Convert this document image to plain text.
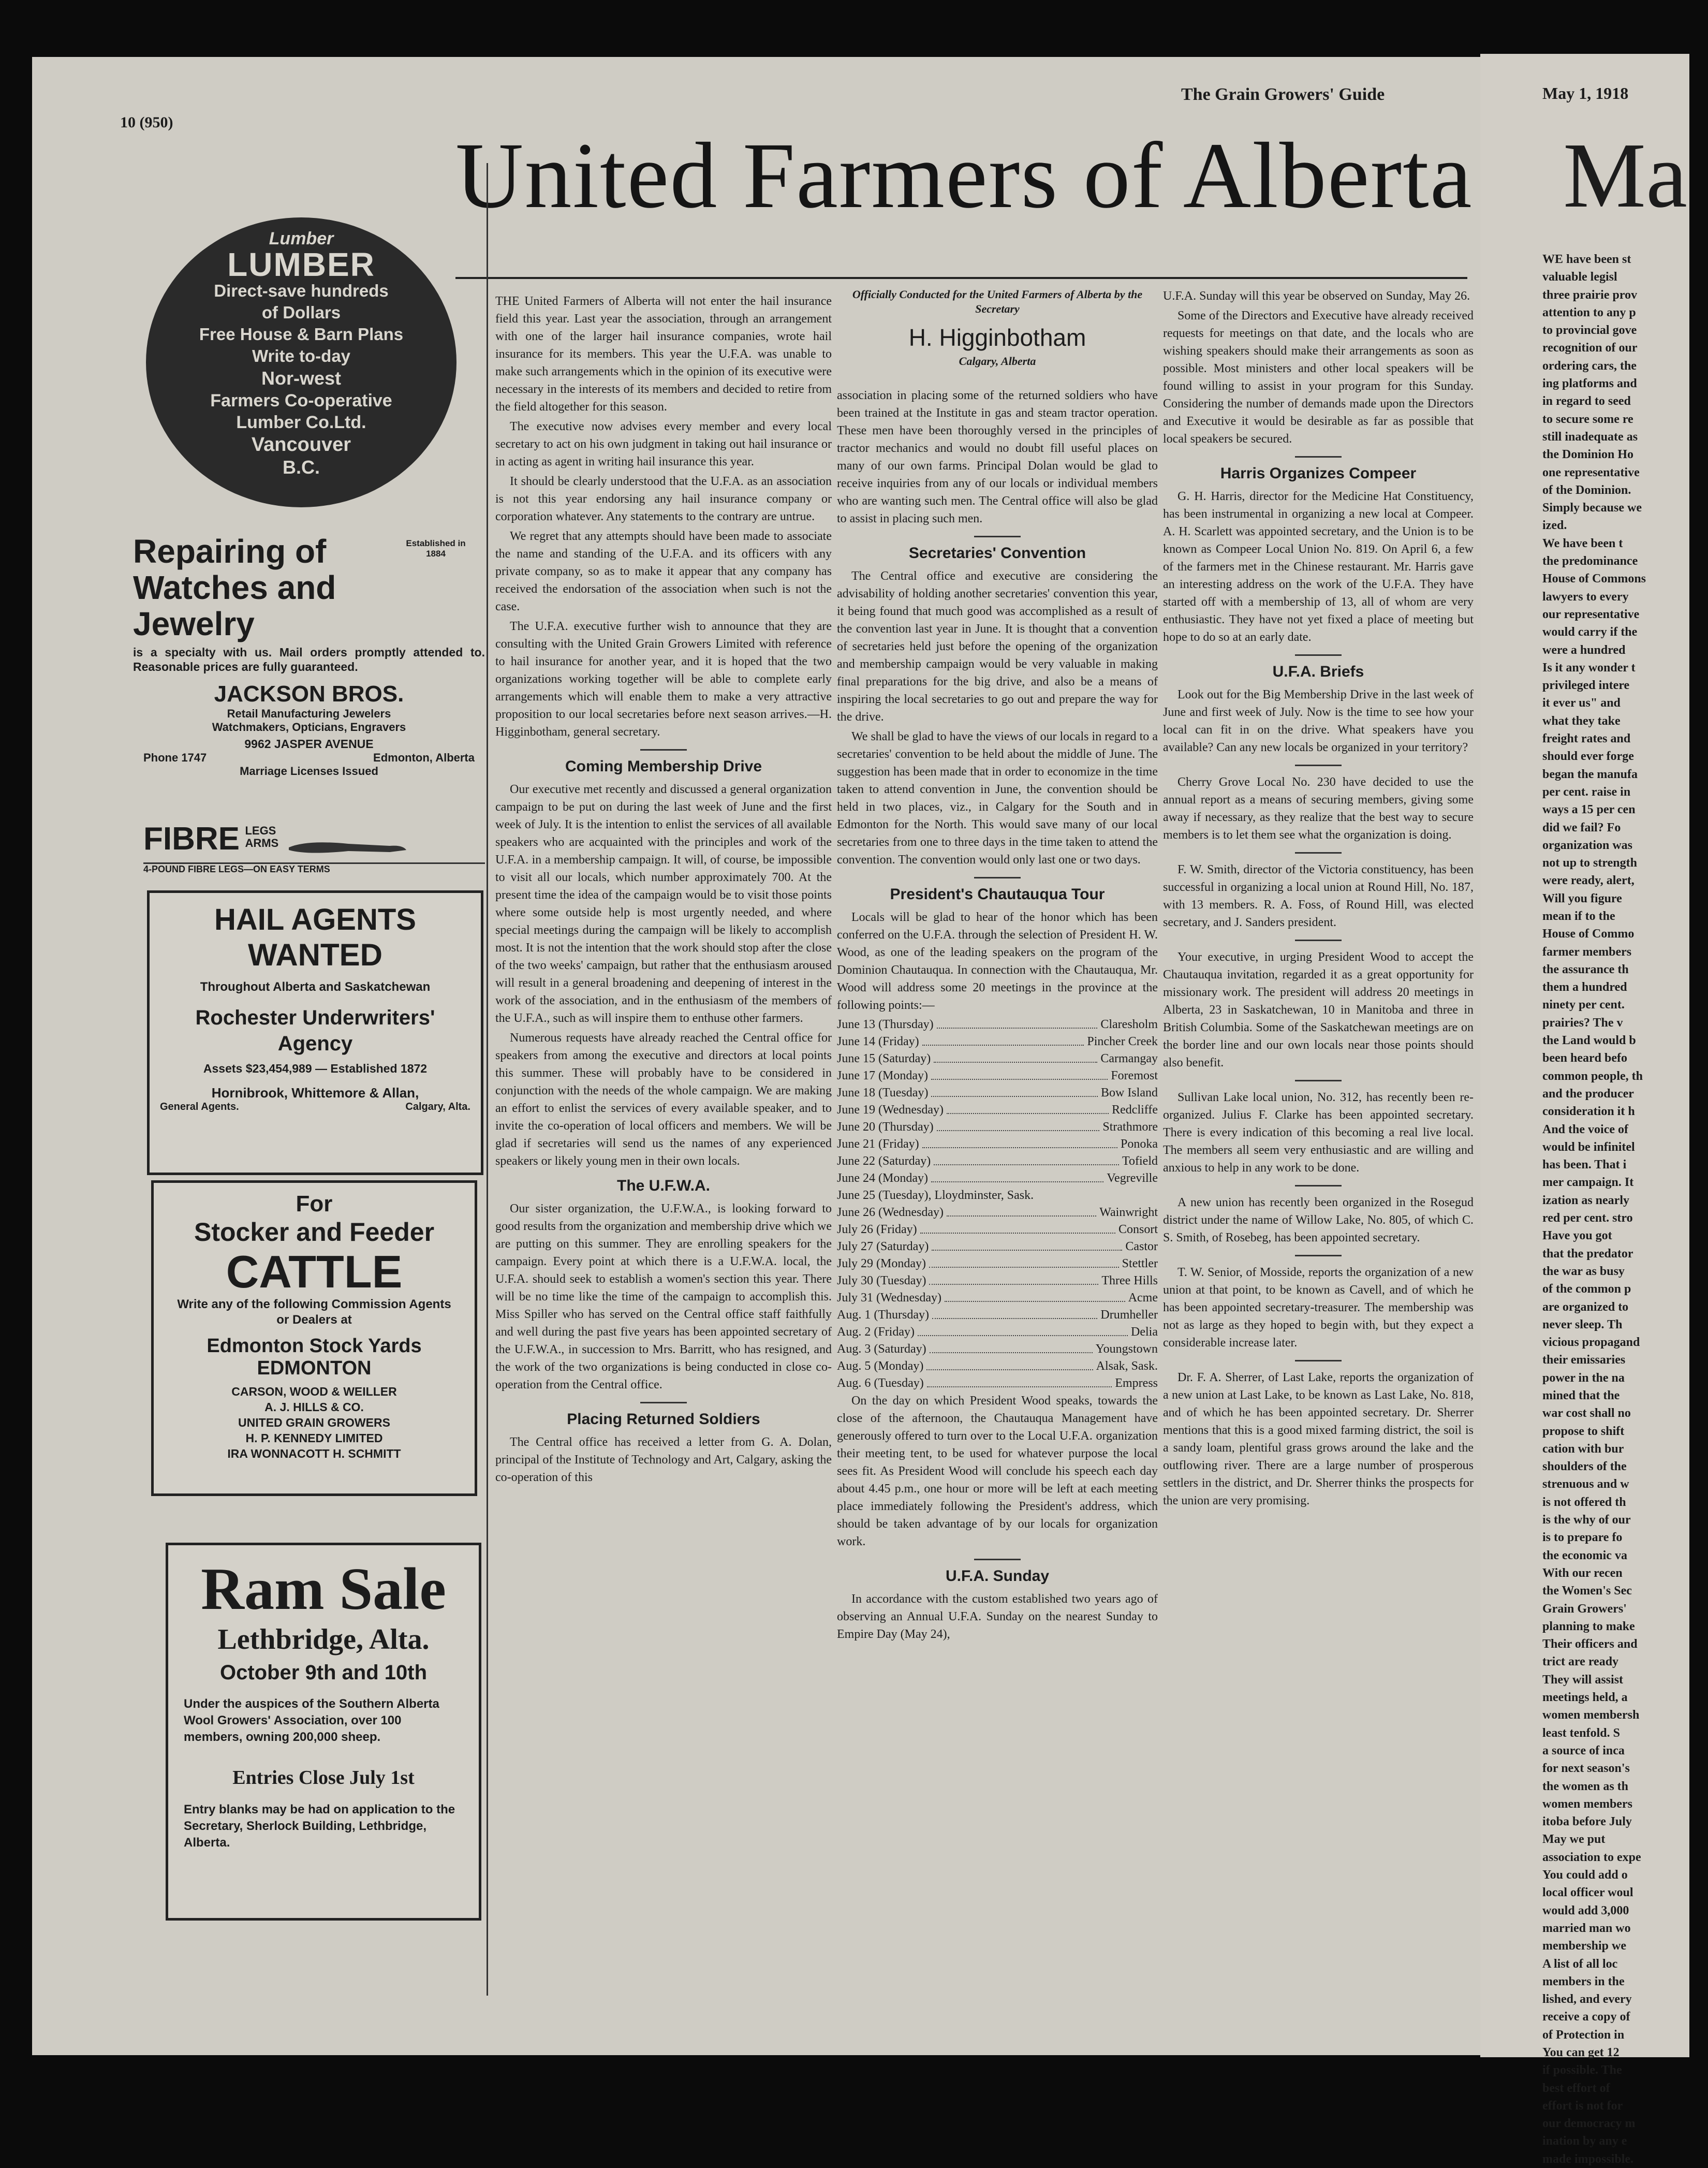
10 (950)
The Grain Growers' Guide
United Farmers of Alberta
Lumber
LUMBER
Direct-save hundreds
of Dollars
Free House & Barn Plans
Write to-day
Nor-west
Farmers Co-operative
Lumber Co.Ltd.
Vancouver
B.C.
Repairing of Watches and Jewelry
Established in 1884
is a specialty with us. Mail orders promptly attended to. Reasonable prices are fully guaranteed.
JACKSON BROS.
Retail Manufacturing Jewelers
Watchmakers, Opticians, Engravers
9962 JASPER AVENUE
Phone 1747	Edmonton, Alberta
Marriage Licenses Issued
FIBRE LEGS
ARMS
4-POUND FIBRE LEGS—ON EASY TERMS
HAIL AGENTS
WANTED
Throughout Alberta and Saskatchewan
Rochester Underwriters' Agency
Assets $23,454,989 — Established 1872
Hornibrook, Whittemore & Allan,
General Agents.	Calgary, Alta.
For
Stocker and Feeder
CATTLE
Write any of the following Commission Agents or Dealers at
Edmonton Stock Yards
EDMONTON
CARSON, WOOD & WEILLER
A. J. HILLS & CO.
UNITED GRAIN GROWERS
H. P. KENNEDY LIMITED
IRA WONNACOTT H. SCHMITT
Ram Sale
Lethbridge, Alta.
October 9th and 10th
Under the auspices of the Southern Alberta Wool Growers' Association, over 100 members, owning 200,000 sheep.
Entries Close July 1st
Entry blanks may be had on application to the Secretary, Sherlock Building, Lethbridge, Alberta.

THE United Farmers of Alberta will not enter the hail insurance field this year. Last year the association, through an arrangement with one of the larger hail insurance companies, wrote hail insurance for its members. This year the U.F.A. was unable to make such arrangements which in the opinion of its executive were necessary in the interests of its members and decided to retire from the field altogether for this season.

The executive now advises every member and every local secretary to act on his own judgment in taking out hail insurance or in acting as agent in writing hail insurance this year.

It should be clearly understood that the U.F.A. as an association is not this year endorsing any hail insurance company or corporation whatever. Any statements to the contrary are untrue.

We regret that any attempts should have been made to associate the name and standing of the U.F.A. and its officers with any private company, so as to make it appear that any company has received the endorsation of the association when such is not the case.

The U.F.A. executive further wish to announce that they are consulting with the United Grain Growers Limited with reference to hail insurance for another year, and it is hoped that the two organizations working together will be able to complete early arrangements which will enable them to make a very attractive proposition to our local secretaries before next season arrives.—H. Higginbotham, general secretary.

Coming Membership Drive

Our executive met recently and discussed a general organization campaign to be put on during the last week of June and the first week of July. It is the intention to enlist the services of all available speakers who are acquainted with the principles and work of the U.F.A. in a membership campaign. It will, of course, be impossible to visit all our locals, which number approximately 700. At the present time the idea of the campaign would be to visit those points where some outside help is most urgently needed, and where special meetings during the campaign will be likely to accomplish most. It is not the intention that the work should stop after the close of the two weeks' campaign, but rather that the enthusiasm aroused will result in a general broadening and deepening of interest in the work of the association, and in the enthusiasm of the members of the U.F.A., such as will inspire them to enthuse other farmers.

Numerous requests have already reached the Central office for speakers from among the executive and directors at local points this summer. These will probably have to be considered in conjunction with the needs of the whole campaign. We are making an effort to enlist the services of every available speaker, and to invite the co-operation of local officers and members. We will be glad if secretaries will send us the names of any experienced speakers or likely young men in their own locals.

The U.F.W.A.

Our sister organization, the U.F.W.A., is looking forward to good results from the organization and membership drive which we are putting on this summer. They are enrolling speakers for the campaign. Every point at which there is a U.F.W.A. local, the U.F.A. should seek to establish a women's section this year. There will be no time like the time of the campaign to accomplish this. Miss Spiller who has served on the Central office staff faithfully and well during the past five years has been appointed secretary of the U.F.W.A., in succession to Mrs. Barritt, who has resigned, and the work of the two organizations is being conducted in close co-operation from the Central office.

Placing Returned Soldiers

The Central office has received a letter from G. A. Dolan, principal of the Institute of Technology and Art, Calgary, asking the co-operation of this

Officially Conducted for the United Farmers of Alberta by the Secretary
H. Higginbotham
Calgary, Alberta

association in placing some of the returned soldiers who have been trained at the Institute in gas and steam tractor operation. These men have been thoroughly versed in the principles of tractor mechanics and would no doubt fill useful places on many of our own farms. Principal Dolan would be glad to receive inquiries from any of our locals or individual members who are wanting such men. The Central office will also be glad to assist in placing such men.

Secretaries' Convention

The Central office and executive are considering the advisability of holding another secretaries' convention this year, it being found that much good was accomplished as a result of the convention last year in June. It is thought that a convention of secretaries held just before the opening of the organization and membership campaign would be very valuable in making final preparations for the big drive, and also be a means of inspiring the local secretaries to go out and prepare the way for the drive.

We shall be glad to have the views of our locals in regard to a secretaries' convention to be held about the middle of June. The suggestion has been made that in order to economize in the time taken to attend convention in June, the convention should be held in two places, viz., in Calgary for the South and in Edmonton for the North. This would save many of our local secretaries from one to three days in the time taken to attend the convention. The convention would only last one or two days.

President's Chautauqua Tour

Locals will be glad to hear of the honor which has been conferred on the U.F.A. through the selection of President H. W. Wood, as one of the leading speakers on the program of the Dominion Chautauqua. In connection with the Chautauqua, Mr. Wood will address some 20 meetings in the province at the following points:—

June 13 (Thursday)	Claresholm
June 14 (Friday)	Pincher Creek
June 15 (Saturday)	Carmangay
June 17 (Monday)	Foremost
June 18 (Tuesday)	Bow Island
June 19 (Wednesday)	Redcliffe
June 20 (Thursday)	Strathmore
June 21 (Friday)	Ponoka
June 22 (Saturday)	Tofield
June 24 (Monday)	Vegreville
June 25 (Tuesday), Lloydminster, Sask.
June 26 (Wednesday)	Wainwright
July 26 (Friday)	Consort
July 27 (Saturday)	Castor
July 29 (Monday)	Stettler
July 30 (Tuesday)	Three Hills
July 31 (Wednesday)	Acme
Aug. 1 (Thursday)	Drumheller
Aug. 2 (Friday)	Delia
Aug. 3 (Saturday)	Youngstown
Aug. 5 (Monday)	Alsak, Sask.
Aug. 6 (Tuesday)	Empress

On the day on which President Wood speaks, towards the close of the afternoon, the Chautauqua Management have generously offered to turn over to the Local U.F.A. organization their meeting tent, to be used for whatever purpose the local sees fit. As President Wood will conclude his speech each day about 4.45 p.m., one hour or more will be left at each meeting place immediately following the President's address, which should be taken advantage of by our locals for organization work.

U.F.A. Sunday

In accordance with the custom established two years ago of observing an Annual U.F.A. Sunday on the nearest Sunday to Empire Day (May 24),

U.F.A. Sunday will this year be observed on Sunday, May 26.

Some of the Directors and Executive have already received requests for meetings on that date, and the locals who are wishing speakers should make their arrangements as soon as possible. Most ministers and other local speakers will be found willing to assist in your program for this Sunday. Considering the number of demands made upon the Directors and Executive it would be desirable as far as possible that local speakers be secured.

Harris Organizes Compeer

G. H. Harris, director for the Medicine Hat Constituency, has been instrumental in organizing a new local at Compeer. A. H. Scarlett was appointed secretary, and the Union is to be known as Compeer Local Union No. 819. On April 6, a few of the farmers met in the Chinese restaurant. Mr. Harris gave an interesting address on the work of the U.F.A. They have started off with a membership of 13, all of whom are very enthusiastic. They have not yet fixed a place of meeting but hope to do so at an early date.

U.F.A. Briefs

Look out for the Big Membership Drive in the last week of June and first week of July. Now is the time to see how your local can fit in on the drive. What speakers have you available? Can any new locals be organized in your territory?

Cherry Grove Local No. 230 have decided to use the annual report as a means of securing members, giving some away if necessary, as they realize that the best way to secure members is to let them see what the organization is doing.

F. W. Smith, director of the Victoria constituency, has been successful in organizing a local union at Round Hill, No. 187, with 13 members. R. A. Foss, of Round Hill, was elected secretary, and J. Sanders president.

Your executive, in urging President Wood to accept the Chautauqua invitation, regarded it as a great opportunity for missionary work. The president will address 20 meetings in Alberta, 23 in Saskatchewan, 10 in Manitoba and three in British Columbia. Some of the Saskatchewan meetings are on the border line and our own locals near those points should also benefit.

Sullivan Lake local union, No. 312, has recently been re-organized. Julius F. Clarke has been appointed secretary. There is every indication of this becoming a real live local. The members all seem very enthusiastic and are willing and anxious to help in any work to be done.

A new union has recently been organized in the Rosegud district under the name of Willow Lake, No. 805, of which C. S. Smith, of Rosebeg, has been appointed secretary.

T. W. Senior, of Mosside, reports the organization of a new union at that point, to be known as Cavell, and of which he has been appointed secretary-treasurer. The membership was not as large as they hoped to begin with, but they expect a considerable increase later.

Dr. F. A. Sherrer, of Last Lake, reports the organization of a new union at Last Lake, to be known as Last Lake, No. 818, and of which he has been appointed secretary. Dr. Sherrer mentions that this is a good mixed farming district, the soil is a sandy loam, plentiful grass grows around the lake and the outflowing river. There are a large number of prosperous settlers in the district, and Dr. Sherrer thinks the prospects for the union are very promising.

May 1, 1918
Ma
WE have been st
valuable legisl
three prairie prov
attention to any p
to provincial gove
recognition of our
ordering cars, the
ing platforms and
in regard to seed
to secure some re
still inadequate as
the Dominion Ho
one representative
of the Dominion.
Simply because we
ized.
We have been t
the predominance
House of Commons
lawyers to every
our representative
would carry if the
were a hundred
Is it any wonder t
privileged intere
it ever us" and
what they take
freight rates and
should ever forge
began the manufa
per cent. raise in
ways a 15 per cen
did we fail? Fo
organization was
not up to strength
were ready, alert,
Will you figure
mean if to the
House of Commo
farmer members
the assurance th
them a hundred
ninety per cent.
prairies? The v
the Land would b
been heard befo
common people, th
and the producer
consideration it h
And the voice of
would be infinitel
has been. That i
mer campaign. It
ization as nearly
red per cent. stro
Have you got
that the predator
the war as busy
of the common p
are organized to
never sleep. Th
vicious propagand
their emissaries
power in the na
mined that the
war cost shall no
propose to shift
cation with bur
shoulders of the
strenuous and w
is not offered th
is the why of our
is to prepare fo
the economic va
With our recen
the Women's Sec
Grain Growers'
planning to make
Their officers and
trict are ready
They will assist
meetings held, a
women membersh
least tenfold. S
a source of inca
for next season's
the women as th
women members
itoba before July
May we put
association to expe
You could add o
local officer woul
would add 3,000
married man wo
membership we
A list of all loc
members in the
lished, and every
receive a copy of
of Protection in
You can get 12
if possible. The
best effort of
effort is not for
our democracy m
ination by any e
made impossible.
